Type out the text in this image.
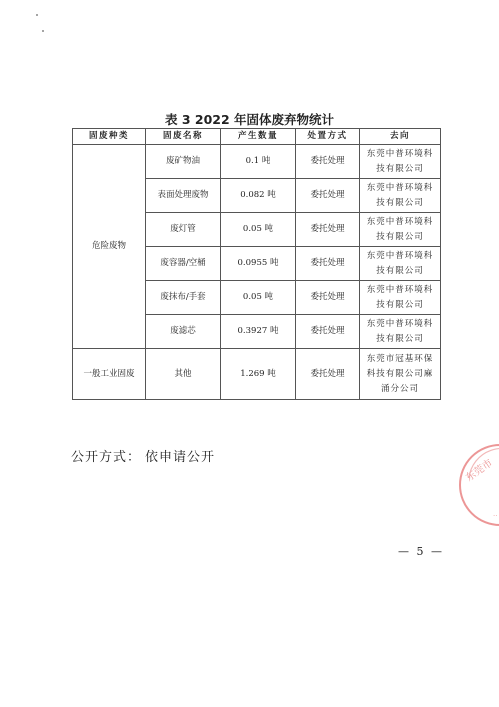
表 3 2022 年固体废弃物统计
固废种类	固废名称	产生数量	处置方式	去向
危险废物	废矿物油	0.1 吨	委托处理	东莞中普环境科技有限公司
	表面处理废物	0.082 吨	委托处理	东莞中普环境科技有限公司
	废灯管	0.05 吨	委托处理	东莞中普环境科技有限公司
	废容器/空桶	0.0955 吨	委托处理	东莞中普环境科技有限公司
	废抹布/手套	0.05 吨	委托处理	东莞中普环境科技有限公司
	废滤芯	0.3927 吨	委托处理	东莞中普环境科技有限公司
一般工业固废	其他	1.269 吨	委托处理	东莞市冠基环保科技有限公司麻涌分公司
公开方式： 依申请公开
东莞市
··
— 5 —
